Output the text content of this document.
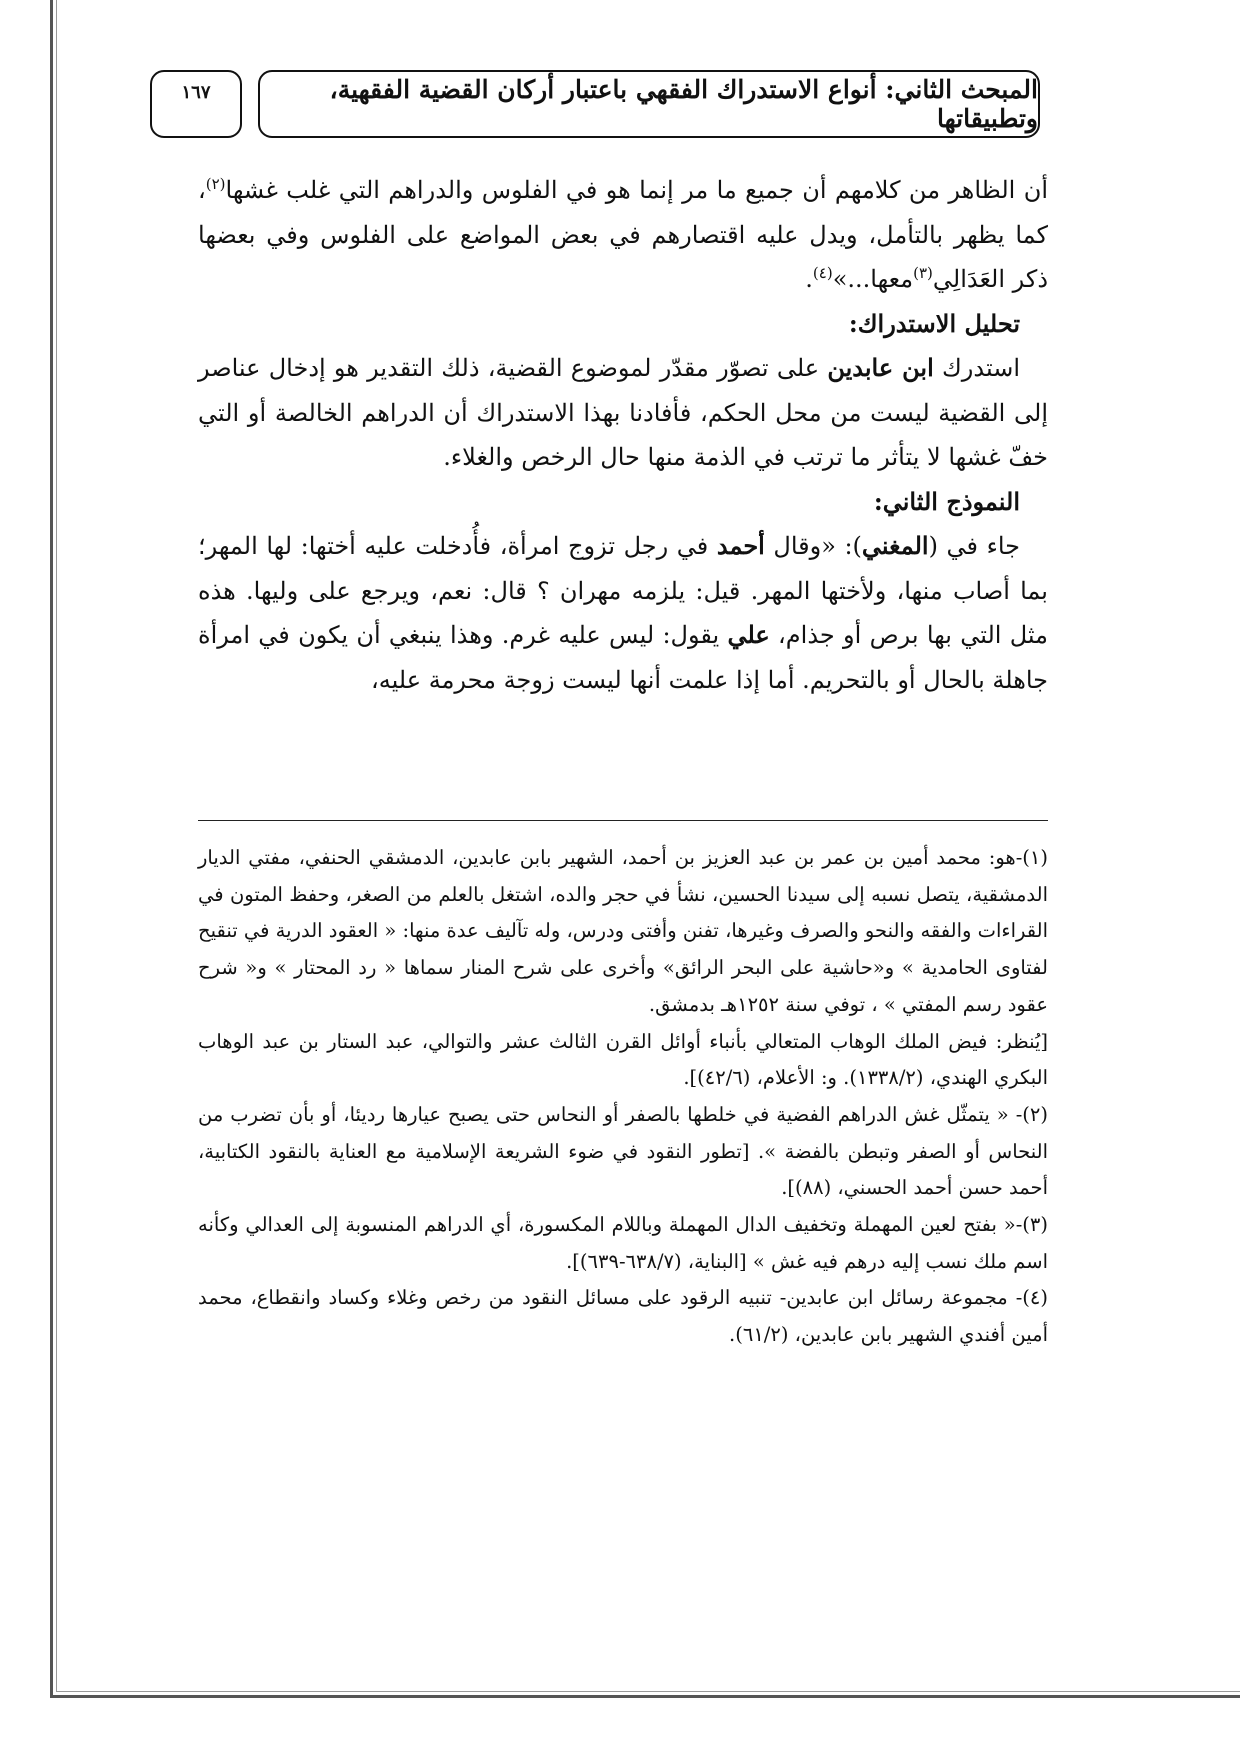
المبحث الثاني: أنواع الاستدراك الفقهي باعتبار أركان القضية الفقهية، وتطبيقاتها
١٦٧

أن الظاهر من كلامهم أن جميع ما مر إنما هو في الفلوس والدراهم التي غلب غشها$^{(٢)}$، كما يظهر بالتأمل، ويدل عليه اقتصارهم في بعض المواضع على الفلوس وفي بعضها ذكر العَدَالِي$^{(٣)}$معها...»$^{(٤)}$.

تحليل الاستدراك:

استدرك ابن عابدين على تصوّر مقدّر لموضوع القضية، ذلك التقدير هو إدخال عناصر إلى القضية ليست من محل الحكم، فأفادنا بهذا الاستدراك أن الدراهم الخالصة أو التي خفّ غشها لا يتأثر ما ترتب في الذمة منها حال الرخص والغلاء.

النموذج الثاني:

جاء في (المغني): «وقال أحمد في رجل تزوج امرأة، فأُدخلت عليه أختها: لها المهر؛ بما أصاب منها، ولأختها المهر. قيل: يلزمه مهران ؟ قال: نعم، ويرجع على وليها. هذه مثل التي بها برص أو جذام، علي يقول: ليس عليه غرم. وهذا ينبغي أن يكون في امرأة جاهلة بالحال أو بالتحريم. أما إذا علمت أنها ليست زوجة محرمة عليه،

(١)-هو: محمد أمين بن عمر بن عبد العزيز بن أحمد، الشهير بابن عابدين، الدمشقي الحنفي، مفتي الديار الدمشقية، يتصل نسبه إلى سيدنا الحسين، نشأ في حجر والده، اشتغل بالعلم من الصغر، وحفظ المتون في القراءات والفقه والنحو والصرف وغيرها، تفنن وأفتى ودرس، وله تآليف عدة منها: « العقود الدرية في تنقيح لفتاوى الحامدية » و«حاشية على البحر الرائق» وأخرى على شرح المنار سماها « رد المحتار » و« شرح عقود رسم المفتي » ، توفي سنة ١٢٥٢هـ بدمشق.

[يُنظر: فيض الملك الوهاب المتعالي بأنباء أوائل القرن الثالث عشر والتوالي، عبد الستار بن عبد الوهاب البكري الهندي، (١٣٣٨/٢). و: الأعلام، (٤٢/٦)].

(٢)- « يتمثّل غش الدراهم الفضية في خلطها بالصفر أو النحاس حتى يصبح عيارها رديئا، أو بأن تضرب من النحاس أو الصفر وتبطن بالفضة ». [تطور النقود في ضوء الشريعة الإسلامية مع العناية بالنقود الكتابية، أحمد حسن أحمد الحسني، (٨٨)].

(٣)-« بفتح لعين المهملة وتخفيف الدال المهملة وباللام المكسورة، أي الدراهم المنسوبة إلى العدالي وكأنه اسم ملك نسب إليه درهم فيه غش » [البناية، (٦٣٨/٧-٦٣٩)].

(٤)- مجموعة رسائل ابن عابدين- تنبيه الرقود على مسائل النقود من رخص وغلاء وكساد وانقطاع، محمد أمين أفندي الشهير بابن عابدين، (٦١/٢).
